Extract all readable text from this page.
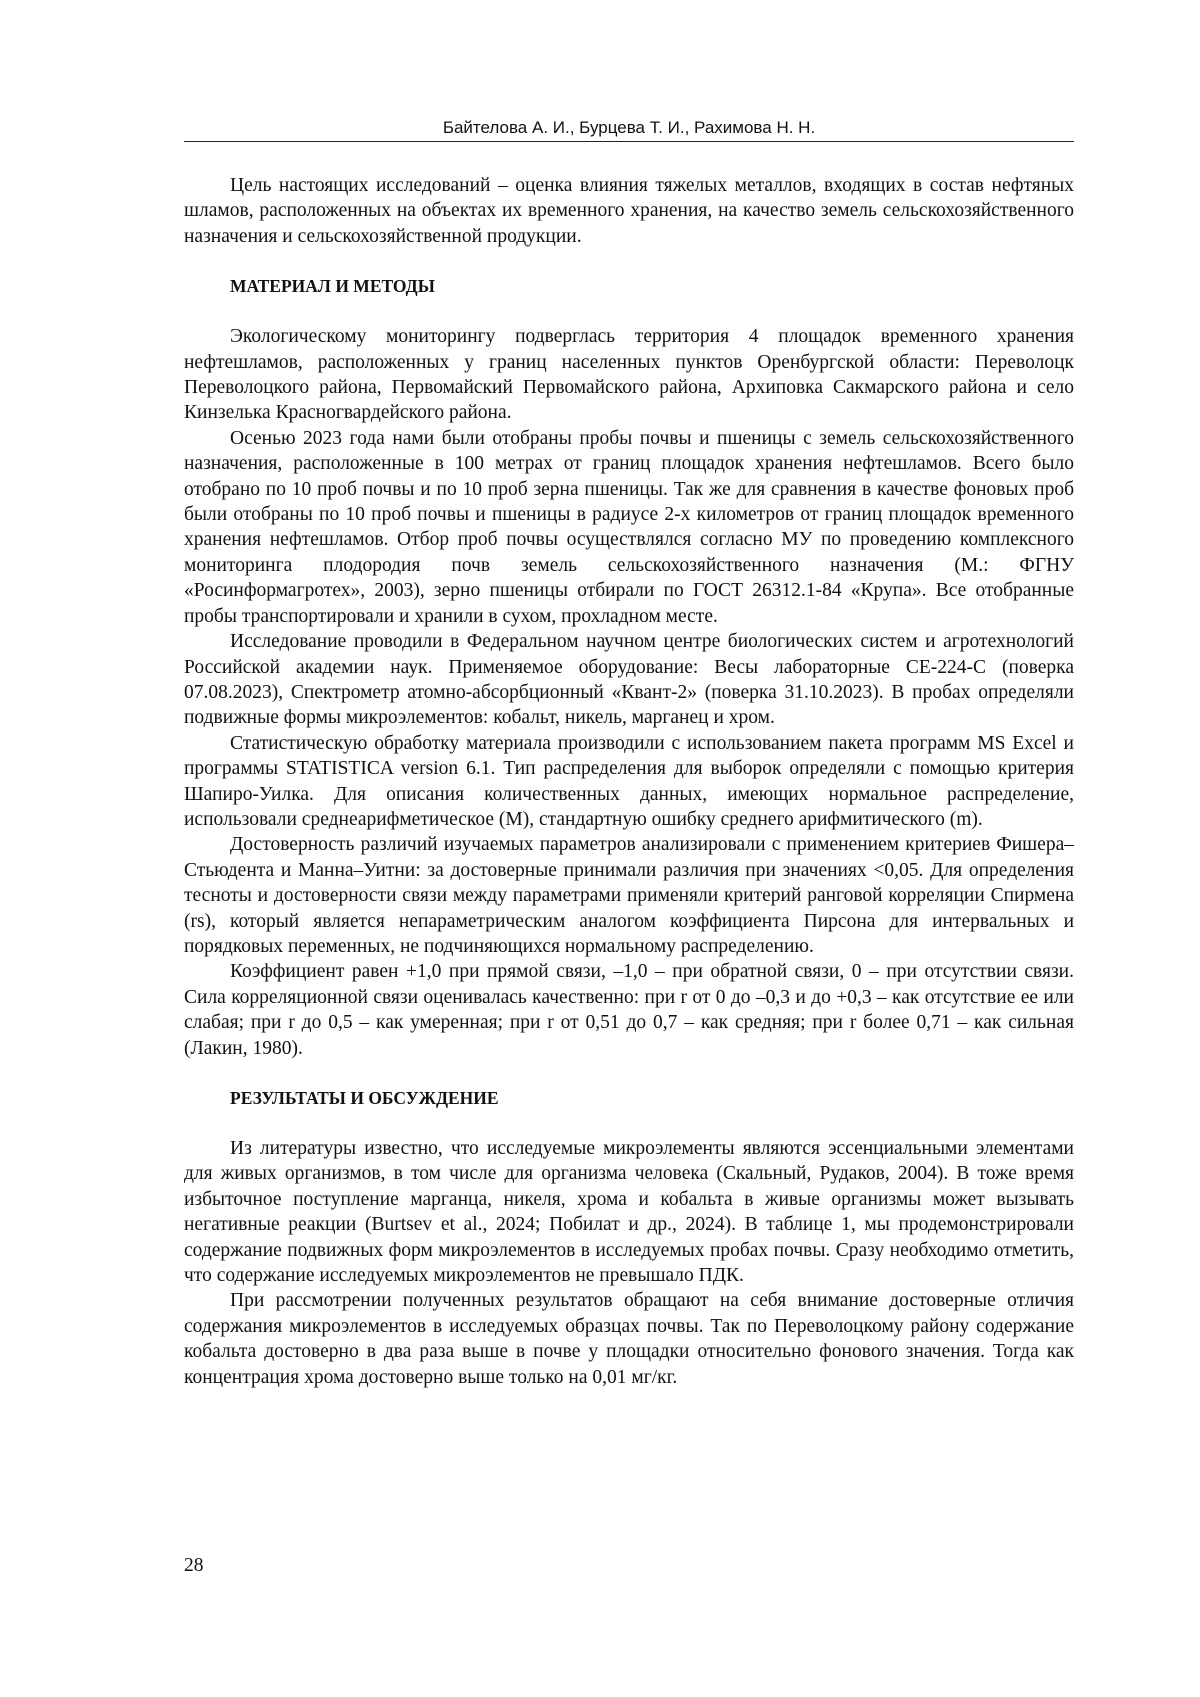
Байтелова А. И., Бурцева Т. И., Рахимова Н. Н.

Цель настоящих исследований – оценка влияния тяжелых металлов, входящих в состав нефтяных шламов, расположенных на объектах их временного хранения, на качество земель сельскохозяйственного назначения и сельскохозяйственной продукции.

МАТЕРИАЛ И МЕТОДЫ

Экологическому мониторингу подверглась территория 4 площадок временного хранения нефтешламов, расположенных у границ населенных пунктов Оренбургской области: Переволоцк Переволоцкого района, Первомайский Первомайского района, Архиповка Сакмарского района и село Кинзелька Красногвардейского района.

Осенью 2023 года нами были отобраны пробы почвы и пшеницы с земель сельскохозяйственного назначения, расположенные в 100 метрах от границ площадок хранения нефтешламов. Всего было отобрано по 10 проб почвы и по 10 проб зерна пшеницы. Так же для сравнения в качестве фоновых проб были отобраны по 10 проб почвы и пшеницы в радиусе 2-х километров от границ площадок временного хранения нефтешламов. Отбор проб почвы осуществлялся согласно МУ по проведению комплексного мониторинга плодородия почв земель сельскохозяйственного назначения (М.: ФГНУ «Росинформагротех», 2003), зерно пшеницы отбирали по ГОСТ 26312.1-84 «Крупа». Все отобранные пробы транспортировали и хранили в сухом, прохладном месте.

Исследование проводили в Федеральном научном центре биологических систем и агротехнологий Российской академии наук. Применяемое оборудование: Весы лабораторные CE-224-C (поверка 07.08.2023), Спектрометр атомно-абсорбционный «Квант-2» (поверка 31.10.2023). В пробах определяли подвижные формы микроэлементов: кобальт, никель, марганец и хром.

Статистическую обработку материала производили с использованием пакета программ MS Excel и программы STATISTICA version 6.1. Тип распределения для выборок определяли с помощью критерия Шапиро-Уилка. Для описания количественных данных, имеющих нормальное распределение, использовали среднеарифметическое (M), стандартную ошибку среднего арифмитического (m).

Достоверность различий изучаемых параметров анализировали с применением критериев Фишера–Стьюдента и Манна–Уитни: за достоверные принимали различия при значениях <0,05. Для определения тесноты и достоверности связи между параметрами применяли критерий ранговой корреляции Спирмена (rs), который является непараметрическим аналогом коэффициента Пирсона для интервальных и порядковых переменных, не подчиняющихся нормальному распределению.

Коэффициент равен +1,0 при прямой связи, –1,0 – при обратной связи, 0 – при отсутствии связи. Сила корреляционной связи оценивалась качественно: при r от 0 до –0,3 и до +0,3 – как отсутствие ее или слабая; при r до 0,5 – как умеренная; при r от 0,51 до 0,7 – как средняя; при r более 0,71 – как сильная (Лакин, 1980).

РЕЗУЛЬТАТЫ И ОБСУЖДЕНИЕ

Из литературы известно, что исследуемые микроэлементы являются эссенциальными элементами для живых организмов, в том числе для организма человека (Скальный, Рудаков, 2004). В тоже время избыточное поступление марганца, никеля, хрома и кобальта в живые организмы может вызывать негативные реакции (Burtsev et al., 2024; Побилат и др., 2024). В таблице 1, мы продемонстрировали содержание подвижных форм микроэлементов в исследуемых пробах почвы. Сразу необходимо отметить, что содержание исследуемых микроэлементов не превышало ПДК.

При рассмотрении полученных результатов обращают на себя внимание достоверные отличия содержания микроэлементов в исследуемых образцах почвы. Так по Переволоцкому району содержание кобальта достоверно в два раза выше в почве у площадки относительно фонового значения. Тогда как концентрация хрома достоверно выше только на 0,01 мг/кг.

28
